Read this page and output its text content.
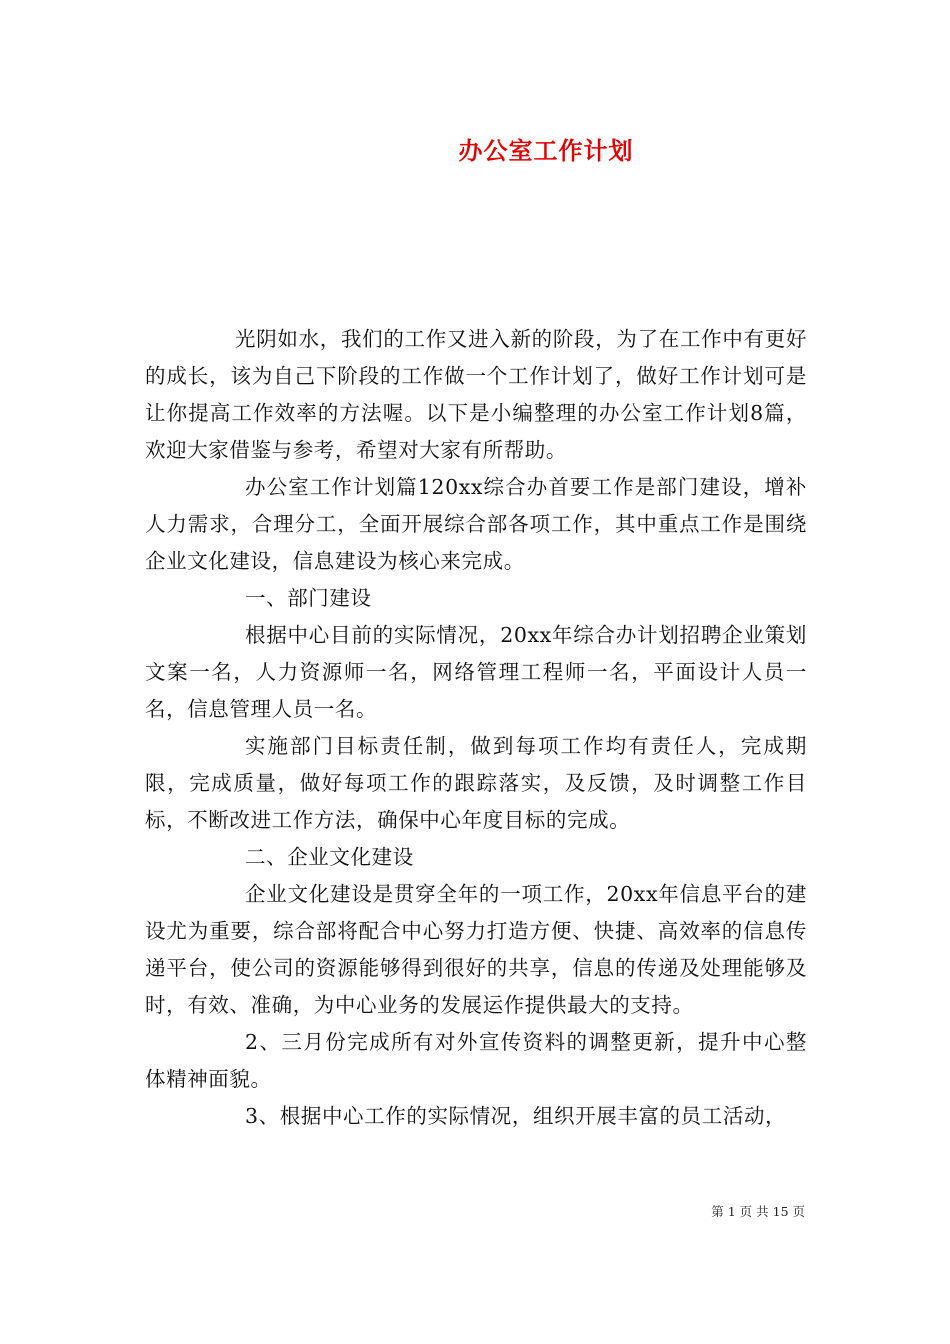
办公室工作计划

光阴如水，我们的工作又进入新的阶段，为了在工作中有更好的成长，该为自己下阶段的工作做一个工作计划了，做好工作计划可是让你提高工作效率的方法喔。以下是小编整理的办公室工作计划8篇，欢迎大家借鉴与参考，希望对大家有所帮助。

办公室工作计划篇120xx综合办首要工作是部门建设，增补人力需求，合理分工，全面开展综合部各项工作，其中重点工作是围绕企业文化建设，信息建设为核心来完成。

一、部门建设

根据中心目前的实际情况，20xx年综合办计划招聘企业策划文案一名，人力资源师一名，网络管理工程师一名，平面设计人员一名，信息管理人员一名。

实施部门目标责任制，做到每项工作均有责任人，完成期限，完成质量，做好每项工作的跟踪落实，及反馈，及时调整工作目标，不断改进工作方法，确保中心年度目标的完成。

二、企业文化建设

企业文化建设是贯穿全年的一项工作，20xx年信息平台的建设尤为重要，综合部将配合中心努力打造方便、快捷、高效率的信息传递平台，使公司的资源能够得到很好的共享，信息的传递及处理能够及时，有效、准确，为中心业务的发展运作提供最大的支持。

2、三月份完成所有对外宣传资料的调整更新，提升中心整体精神面貌。

3、根据中心工作的实际情况，组织开展丰富的员工活动，

第 1 页 共 15 页
